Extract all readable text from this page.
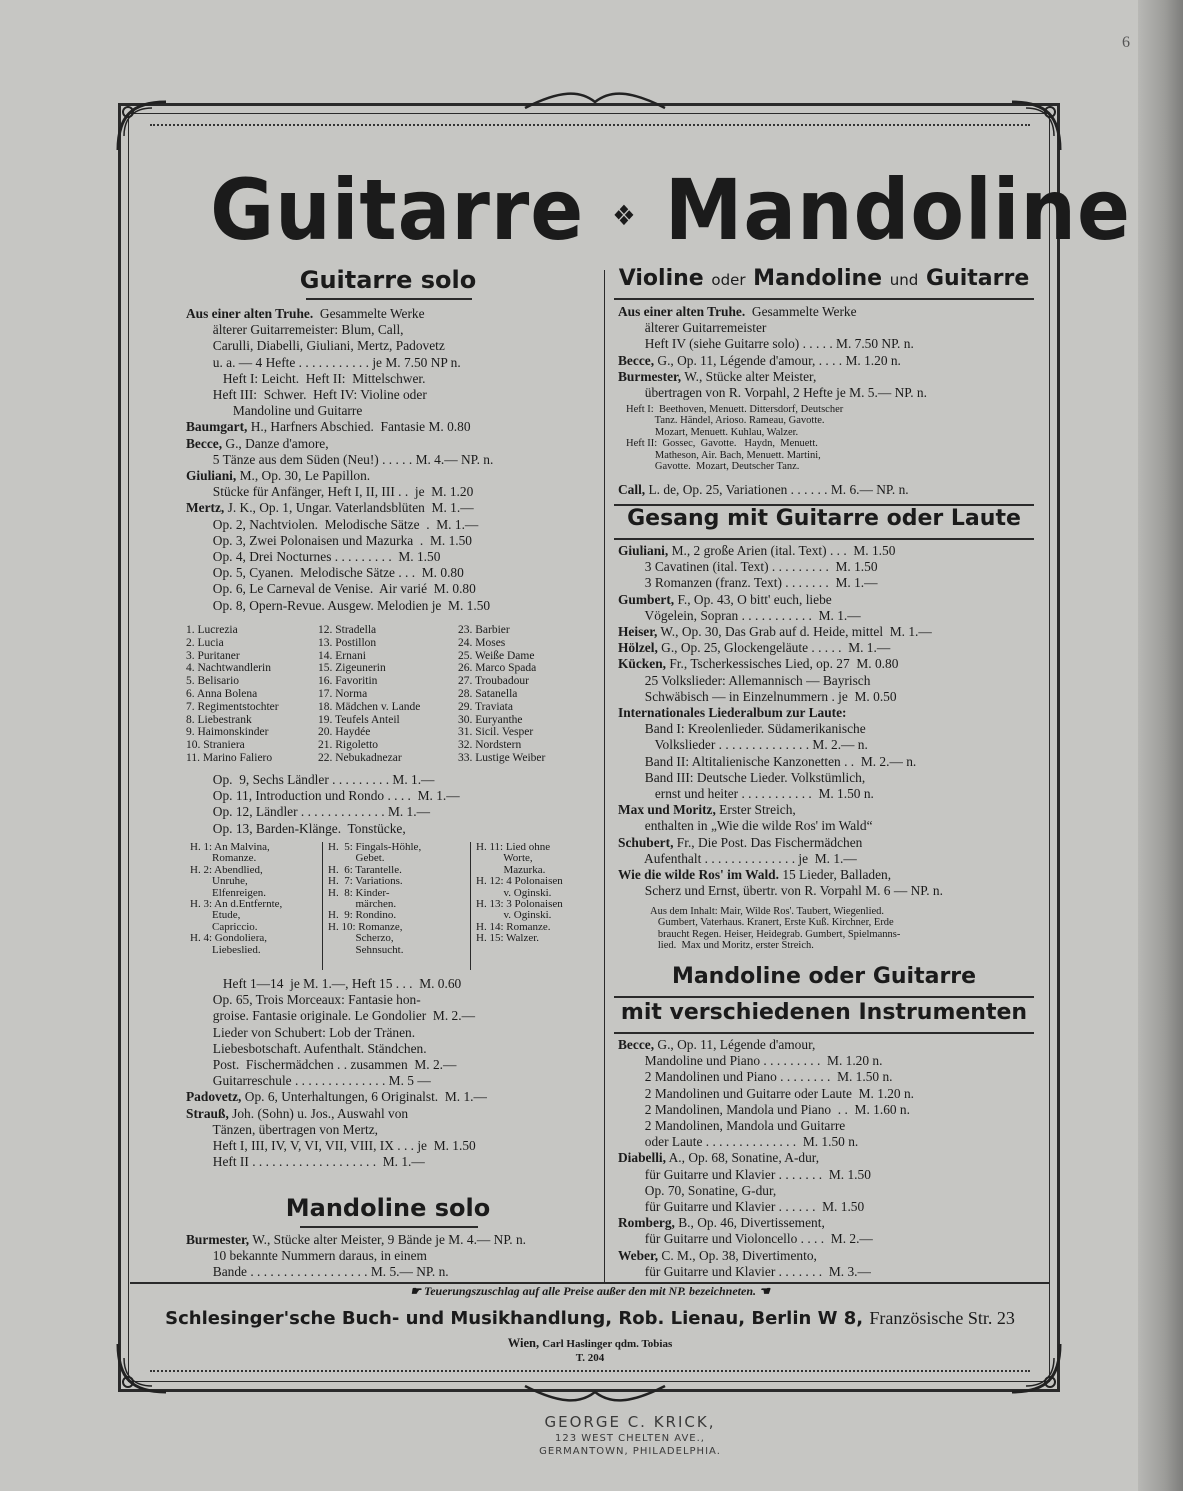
6
Guitarre ❖ Mandoline
Guitarre solo
Aus einer alten Truhe.  Gesammelte Werke
älterer Guitarremeister: Blum, Call,
Carulli, Diabelli, Giuliani, Mertz, Padovetz
u. a. — 4 Hefte . . . . . . . . . . . je M. 7.50 NP n.
Heft I: Leicht.  Heft II:  Mittelschwer.
Heft III:  Schwer.  Heft IV: Violine oder
Mandoline und Guitarre
Baumgart, H., Harfners Abschied.  Fantasie M. 0.80
Becce, G., Danze d'amore,
5 Tänze aus dem Süden (Neu!) . . . . . M. 4.— NP. n.
Giuliani, M., Op. 30, Le Papillon.
Stücke für Anfänger, Heft I, II, III . .  je  M. 1.20
Mertz, J. K., Op. 1, Ungar. Vaterlandsblüten  M. 1.—
Op. 2, Nachtviolen.  Melodische Sätze  .  M. 1.—
Op. 3, Zwei Polonaisen und Mazurka  .  M. 1.50
Op. 4, Drei Nocturnes . . . . . . . . .  M. 1.50
Op. 5, Cyanen.  Melodische Sätze . . .  M. 0.80
Op. 6, Le Carneval de Venise.  Air varié  M. 0.80
Op. 8, Opern-Revue. Ausgew. Melodien je  M. 1.50
1. Lucrezia	12. Stradella	23. Barbier
2. Lucia	13. Postillon	24. Moses
3. Puritaner	14. Ernani	25. Weiße Dame
4. Nachtwandlerin	15. Zigeunerin	26. Marco Spada
5. Belisario	16. Favoritin	27. Troubadour
6. Anna Bolena	17. Norma	28. Satanella
7. Regimentstochter	18. Mädchen v. Lande	29. Traviata
8. Liebestrank	19. Teufels Anteil	30. Euryanthe
9. Haimonskinder	20. Haydée	31. Sicil. Vesper
10. Straniera	21. Rigoletto	32. Nordstern
11. Marino Faliero	22. Nebukadnezar	33. Lustige Weiber
Op.  9, Sechs Ländler . . . . . . . . . M. 1.—
Op. 11, Introduction und Rondo . . . .  M. 1.—
Op. 12, Ländler . . . . . . . . . . . . . M. 1.—
Op. 13, Barden-Klänge.  Tonstücke,
H. 1: An Malvina,
Romanze.
H. 2: Abendlied,
Unruhe,
Elfenreigen.
H. 3: An d.Entfernte,
Etude,
Capriccio.
H. 4: Gondoliera,
Liebeslied.
H.  5: Fingals-Höhle,
Gebet.
H.  6: Tarantelle.
H.  7: Variations.
H.  8: Kinder-
märchen.
H.  9: Rondino.
H. 10: Romanze,
Scherzo,
Sehnsucht.
H. 11: Lied ohne
Worte,
Mazurka.
H. 12: 4 Polonaisen
v. Oginski.
H. 13: 3 Polonaisen
v. Oginski.
H. 14: Romanze.
H. 15: Walzer.
Heft 1—14  je M. 1.—, Heft 15 . . .  M. 0.60
Op. 65, Trois Morceaux: Fantasie hon-
groise. Fantasie originale. Le Gondolier  M. 2.—
Lieder von Schubert: Lob der Tränen.
Liebesbotschaft. Aufenthalt. Ständchen.
Post.  Fischermädchen . . zusammen  M. 2.—
Guitarreschule . . . . . . . . . . . . . . M. 5 —
Padovetz, Op. 6, Unterhaltungen, 6 Originalst.  M. 1.—
Strauß, Joh. (Sohn) u. Jos., Auswahl von
Tänzen, übertragen von Mertz,
Heft I, III, IV, V, VI, VII, VIII, IX . . . je  M. 1.50
Heft II . . . . . . . . . . . . . . . . . . .  M. 1.—
Mandoline solo
Burmester, W., Stücke alter Meister, 9 Bände je M. 4.— NP. n.
10 bekannte Nummern daraus, in einem
Bande . . . . . . . . . . . . . . . . . . M. 5.— NP. n.
Violine oder Mandoline und Guitarre
Aus einer alten Truhe.  Gesammelte Werke
älterer Guitarremeister
Heft IV (siehe Guitarre solo) . . . . . M. 7.50 NP. n.
Becce, G., Op. 11, Légende d'amour, . . . . M. 1.20 n.
Burmester, W., Stücke alter Meister,
übertragen von R. Vorpahl, 2 Hefte je M. 5.— NP. n.
Heft I:  Beethoven, Menuett. Dittersdorf, Deutscher
Tanz. Händel, Arioso. Rameau, Gavotte.
Mozart, Menuett. Kuhlau, Walzer.
Heft II:  Gossec,  Gavotte.   Haydn,  Menuett.
Matheson, Air. Bach, Menuett. Martini,
Gavotte.  Mozart, Deutscher Tanz.
Call, L. de, Op. 25, Variationen . . . . . . M. 6.— NP. n.
Gesang mit Guitarre oder Laute
Giuliani, M., 2 große Arien (ital. Text) . . .  M. 1.50
3 Cavatinen (ital. Text) . . . . . . . . .  M. 1.50
3 Romanzen (franz. Text) . . . . . . .  M. 1.—
Gumbert, F., Op. 43, O bitt' euch, liebe
Vögelein, Sopran . . . . . . . . . . .  M. 1.—
Heiser, W., Op. 30, Das Grab auf d. Heide, mittel  M. 1.—
Hölzel, G., Op. 25, Glockengeläute . . . . .  M. 1.—
Kücken, Fr., Tscherkessisches Lied, op. 27  M. 0.80
25 Volkslieder: Allemannisch — Bayrisch
Schwäbisch — in Einzelnummern . je  M. 0.50
Internationales Liederalbum zur Laute:
Band I: Kreolenlieder. Südamerikanische
Volkslieder . . . . . . . . . . . . . . M. 2.— n.
Band II: Altitalienische Kanzonetten . .  M. 2.— n.
Band III: Deutsche Lieder. Volkstümlich,
ernst und heiter . . . . . . . . . . .  M. 1.50 n.
Max und Moritz, Erster Streich,
enthalten in „Wie die wilde Ros' im Wald“
Schubert, Fr., Die Post. Das Fischermädchen
Aufenthalt . . . . . . . . . . . . . . je  M. 1.—
Wie die wilde Ros' im Wald. 15 Lieder, Balladen,
Scherz und Ernst, übertr. von R. Vorpahl M. 6 — NP. n.
Aus dem Inhalt: Mair, Wilde Ros'. Taubert, Wiegenlied.
Gumbert, Vaterhaus. Kranert, Erste Kuß. Kirchner, Erde
braucht Regen. Heiser, Heidegrab. Gumbert, Spielmanns-
lied.  Max und Moritz, erster Streich.
Mandoline oder Guitarre
mit verschiedenen Instrumenten
Becce, G., Op. 11, Légende d'amour,
Mandoline und Piano . . . . . . . . .  M. 1.20 n.
2 Mandolinen und Piano . . . . . . . .  M. 1.50 n.
2 Mandolinen und Guitarre oder Laute  M. 1.20 n.
2 Mandolinen, Mandola und Piano  . .  M. 1.60 n.
2 Mandolinen, Mandola und Guitarre
oder Laute . . . . . . . . . . . . . .  M. 1.50 n.
Diabelli, A., Op. 68, Sonatine, A-dur,
für Guitarre und Klavier . . . . . . .  M. 1.50
Op. 70, Sonatine, G-dur,
für Guitarre und Klavier . . . . . .  M. 1.50
Romberg, B., Op. 46, Divertissement,
für Guitarre und Violoncello . . . .  M. 2.—
Weber, C. M., Op. 38, Divertimento,
für Guitarre und Klavier . . . . . . .  M. 3.—
☛ Teuerungszuschlag auf alle Preise außer den mit NP. bezeichneten. ☚
Schlesinger'sche Buch- und Musikhandlung, Rob. Lienau, Berlin W 8, Französische Str. 23
Wien, Carl Haslinger qdm. Tobias
T. 204
GEORGE C. KRICK,
123 WEST CHELTEN AVE.,
GERMANTOWN, PHILADELPHIA.
